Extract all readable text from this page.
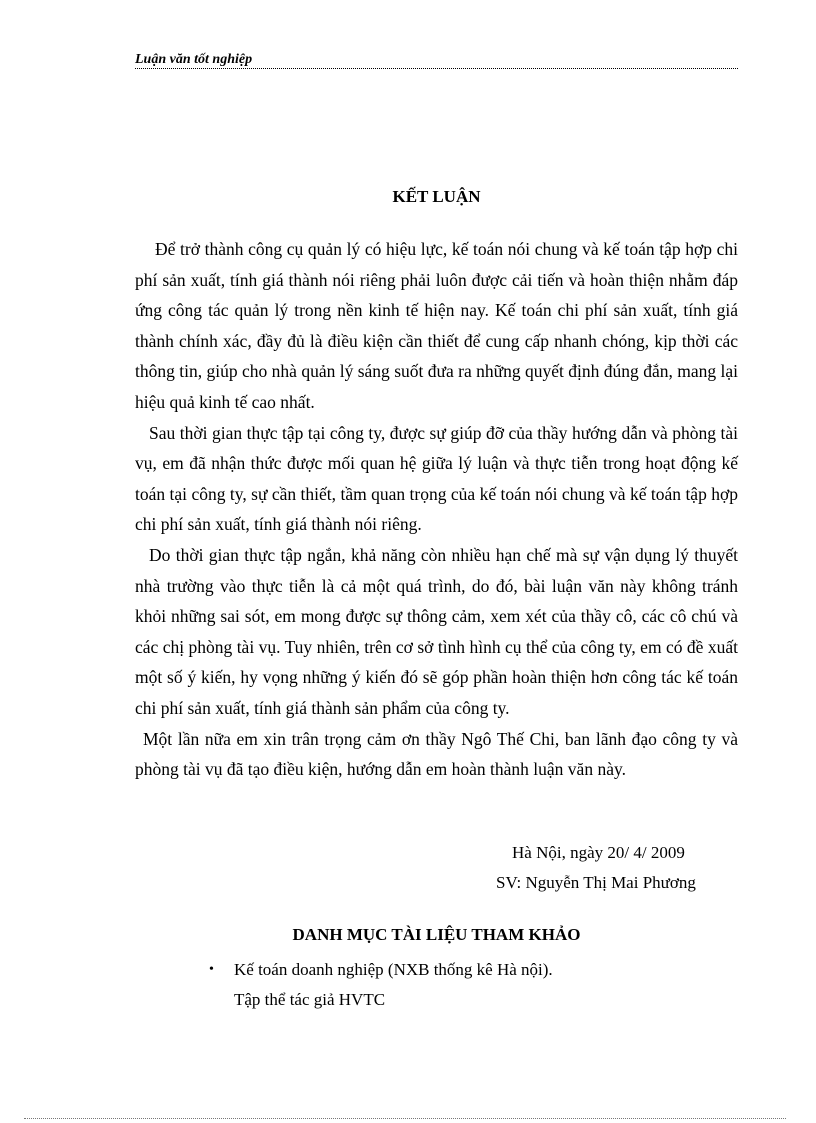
Luận văn tốt nghiệp
KẾT LUẬN

Để trở thành công cụ quản lý có hiệu lực, kế toán nói chung và kế toán tập hợp chi phí sản xuất, tính giá thành nói riêng phải luôn được cải tiến và hoàn thiện nhằm đáp ứng công tác quản lý trong nền kinh tế hiện nay. Kế toán chi phí sản xuất, tính giá thành chính xác, đầy đủ là điều kiện cần thiết để cung cấp nhanh chóng, kịp thời các thông tin, giúp cho nhà quản lý sáng suốt đưa ra những quyết định đúng đắn, mang lại hiệu quả kinh tế cao nhất.

Sau thời gian thực tập tại công ty, được sự giúp đỡ của thầy hướng dẫn và phòng tài vụ, em đã nhận thức được mối quan hệ giữa lý luận và thực tiễn trong hoạt động kế toán tại công ty, sự cần thiết, tầm quan trọng của kế toán nói chung và kế toán tập hợp chi phí sản xuất, tính giá thành nói riêng.

Do thời gian thực tập ngắn, khả năng còn nhiều hạn chế mà sự vận dụng lý thuyết nhà trường vào thực tiễn là cả một quá trình, do đó, bài luận văn này không tránh khỏi những sai sót, em mong được sự thông cảm, xem xét của thầy cô, các cô chú và các chị phòng tài vụ. Tuy nhiên, trên cơ sở tình hình cụ thể của công ty, em có đề xuất một số ý kiến, hy vọng những ý kiến đó sẽ góp phần hoàn thiện hơn công tác kế toán chi phí sản xuất, tính giá thành sản phẩm của công ty.

Một lần nữa em xin trân trọng cảm ơn thầy Ngô Thế Chi, ban lãnh đạo công ty và phòng tài vụ đã tạo điều kiện, hướng dẫn em hoàn thành luận văn này.

Hà Nội, ngày 20/ 4/ 2009
SV: Nguyễn Thị Mai Phương
DANH MỤC TÀI LIỆU THAM KHẢO
• Kế toán doanh nghiệp (NXB thống kê Hà nội).
Tập thể tác giả HVTC
